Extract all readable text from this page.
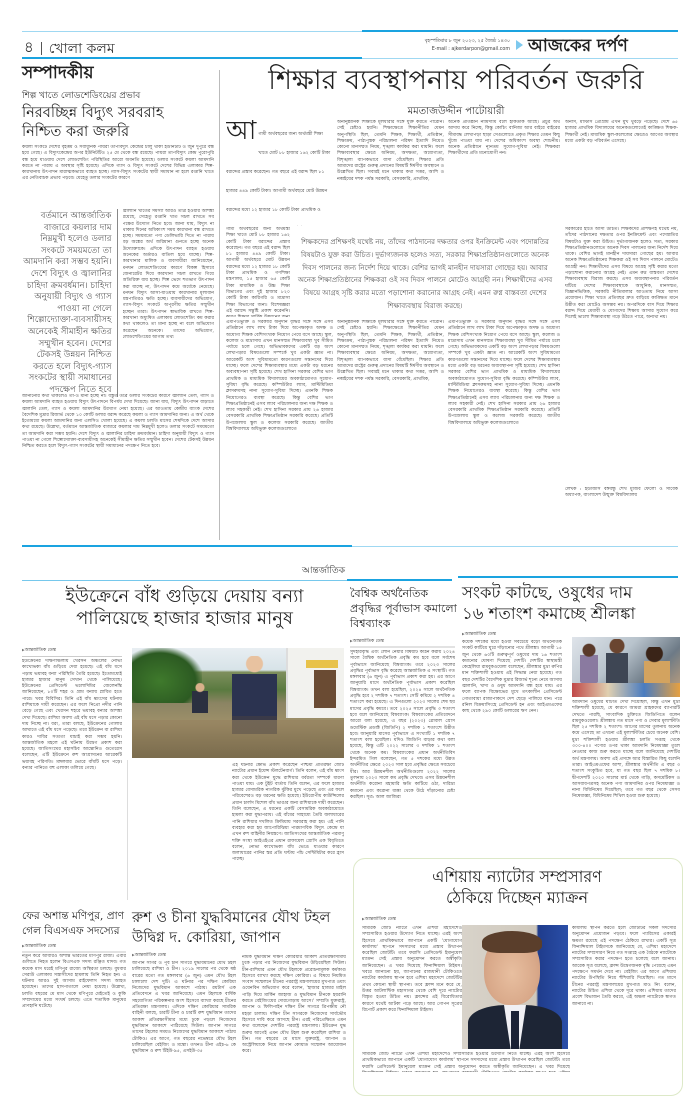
৪ খোলা কলম	বৃহস্পতিবার ৮ জুন ২০২৩, ২৫ জ্যৈষ্ঠ ১৪৩০
E-mail : ajkerdarpon@gmail.com আজকের দর্পণ
সম্পাদকীয়
শিল্প খাতে লোডশেডিংয়ের প্রভাব
নিরবচ্ছিন্ন বিদ্যুৎ সরবরাহ
নিশ্চিত করা জরুরি
কয়লা সংকটে দেশের বৃহত্তম ও সর্বাধুনিক পায়রা তাপবিদ্যুৎ কেন্দ্রের চালু থাকা ইউনিটটি ও জুন দুপুরে বন্ধ হয়ে গেছে। এ বিদ্যুৎকেন্দ্রের অপর ইউনিটটিও ২৫ মে থেকে বন্ধ রয়েছে। পায়রা তাপবিদ্যুৎ কেন্দ্র পুরোপুরি বন্ধ হয়ে যাওয়ায় দেশে লোডশেডিং পরিস্থিতির আরো অবনতি হয়েছে। ডলার সংকটে কয়লা আমদানি করতে না পারায় এ অবস্থার সৃষ্টি হয়েছে। এদিকে গ্যাস ও বিদ্যুৎ সংকটে দেশের বিভিন্ন এলাকার শিল্প-কারখানায় উৎপাদন মারাত্মকভাবে ব্যাহত হচ্ছে। গ্যাস-বিদ্যুৎ সংকটের স্থায়ী সমাধান না হলে রপ্তানি খাতে এর নেতিবাচক প্রভাব পড়বে। যেহেতু ডলার সংকটের কারণে
বর্তমানে আন্তর্জাতিক বাজারে কয়লার দাম নিম্নমুখী হলেও ডলার সংকটে সময়মতো তা আমদানি করা সম্ভব হয়নি। দেশে বিদ্যুৎ ও জ্বালানির চাহিদা ক্রমবর্ধমান। চাহিদা অনুযায়ী বিদ্যুৎ ও গ্যাস পাওয়া না গেলে শিল্পোদ্যোক্তা-ব্যবসায়ীসহ অনেকেই সীমাহীন ক্ষতির সম্মুখীন হবেন। দেশের টেকসই উন্নয়ন নিশ্চিত করতে হলে বিদ্যুৎ-গ্যাস সংকটের স্থায়ী সমাধানের পদক্ষেপ নিতে হবে
জ্বালানি খাতের সমস্যা আরও তীব্র হওয়ার আশঙ্কা রয়েছে, সেহেতু রপ্তানি খাত সচল রাখতে সব পক্ষের উদ্যোগ নিতে হবে। জানা যায়, বিদ্যুৎ না থাকায় দিনের অধিকাংশ সময় কারখানা বন্ধ রাখতে হচ্ছে। সময়মতো পণ্য ডেলিভারি দিতে না পারায় বড় অঙ্কের অর্থ জরিমানা গুনতে হচ্ছে অনেক উদ্যোক্তাকে। এদিকে উৎপাদন ব্যাহত হওয়ায় অনেকের অর্ডারও বাতিল হয়ে যাচ্ছে। শিল্প-কারখানার মালিক ও ব্যবসায়ীরা জানিয়েছেন, ঘনঘন লোডশেডিংয়ের কারণে বিকল্প হিসাবে জেনারেটর দিয়ে কারখানা সচল রাখতে গিয়ে অতিরিক্ত ব্যয় হচ্ছে। শিল্প ভেদে শতভাগ উৎপাদন করা যাচ্ছে না, উৎপাদন কমে অর্ধেকে নেমেছে। ঘনঘন বিদ্যুৎ আসা-যাওয়ায় কারখানার মূল্যবান যন্ত্রপাতিরও ক্ষতি হচ্ছে। ব্যবসায়ীদের অভিযোগ, গ্যাস-বিদ্যুৎ সংকটে অপূরণীয় ক্ষতির সম্মুখীন হচ্ছেন তারা। উৎপাদন স্বাভাবিক রাখতে শিল্প-কারখানা অধ্যুষিত এলাকায় লোডশেডিং কম করার কথা থাকলেও তা মানা হচ্ছে না বলে অভিযোগ করেছেন অনেকে। তাদের অভিযোগ, লোডশেডিংয়ের আগাম তথ্য
জানানোর কথা থাকলেও তা-ও মানা হচ্ছে না। বস্তুত তীব্র ডলার সংকটের কারণে জ্বালানি তেল, গ্যাস ও কয়লা আমদানি ব্যাহত হওয়ায় বিদ্যুৎ উৎপাদনে বিপর্যয় দেখা দিয়েছে। জানা যায়, বিদ্যুৎ উৎপাদন বাড়াতে জ্বালানি তেল, গ্যাস ও কয়লা আমদানির উদ্যোগ নেয়া হয়েছে। এর আওতায় কেন্দ্রীয় ব্যাংক দেশের বৈদেশিক মুদ্রার রিজার্ভ থেকে ১০ কোটি ডলার বরাদ্দ করেছে কয়লা ও গ্যাস আমদানির জন্য। এ অর্থ থেকে ইতোমধ্যে কয়লা আমদানির জন্য এলসিও খোলা হয়েছে। এ কয়লা চলতি মাসের শেষদিকে দেশে আসার কথা রয়েছে। উল্লেখ্য, বর্তমানে আন্তর্জাতিক বাজারে কয়লার দাম নিম্নমুখী হলেও ডলার সংকটে সময়মতো তা আমদানি করা সম্ভব হয়নি। দেশে বিদ্যুৎ ও জ্বালানির চাহিদা ক্রমবর্ধমান। চাহিদা অনুযায়ী বিদ্যুৎ ও গ্যাস পাওয়া না গেলে শিল্পোদ্যোক্তা-ব্যবসায়ীসহ অনেকেই সীমাহীন ক্ষতির সম্মুখীন হবেন। দেশের টেকসই উন্নয়ন নিশ্চিত করতে হলে বিদ্যুৎ-গ্যাস সংকটের স্থায়ী সমাধানের পদক্ষেপ নিতে হবে।
শিক্ষার ব্যবস্থাপনায় পরিবর্তন জরুরি
মমতাজউদ্দীন পাটোয়ারী
আ গামী অর্থবছরের জন্য অর্থমন্ত্রী শিক্ষা খাতে মোট ৮৮ হাজার ১৬২ কোটি টাকা বরাদ্দের প্রস্তাব করেছেন। গত বছরে এই বরাদ্দ ছিল ৮১ হাজার ৪৪৯ কোটি টাকা। আগামী অর্থবছরে মোট উন্নয়ন বরাদ্দের মধ্যে ১২ হাজার ১৮ কোটি টাকা প্রাথমিক ও
অনানুষ্ঠানিক শিক্ষাকে মূলধারার সঙ্গে যুক্ত করতে পারেনি। সেই চেষ্টাও হয়নি। শিক্ষাক্ষেত্রে শিক্ষানীতির যেমন অনুপস্থিতি ছিল, তেমনি শিক্ষক, শিক্ষার্থী, প্রতিষ্ঠান, শিক্ষাক্রম, পাঠ্যপুস্তক পরিচালনা পরিষদ ইত্যাদি নিয়েও কোনো মানসম্মত নিয়ম, শৃঙ্খলা কার্যকর করা যায়নি। ফলে শিক্ষাব্যবস্থার ক্ষেত্রে অনিয়ম, অদক্ষতা, অযোগ্যতা, বিশৃঙ্খলা ব্যাপকভাবে বাসা বেঁধেছিল। শিক্ষার প্রতি আমাদের রাষ্ট্রের গুরুত্ব প্রদানের বিষয়টি ঈর্ষণীয় অবস্থানে ও উল্লেখিত ছিল। সবারই মনে থাকার কথা সত্তর, আশি ও নব্বইয়ের দশক পর্যন্ত সরকারি, বেসরকারি, প্রাথমিক,
অনেক প্রতিষ্ঠান নামিদামি বলে হাঁকডাক আছে। প্রচুর অর্থ আদায় করে নিচ্ছে, কিন্তু কোচিং বানিজ্য আর বাইরে বাইরের সীমাবদ্ধ লেখাপড়া ছাড়া সেগুলোতে প্রকৃত শিক্ষার তেমন কিছু খুঁজে পাওয়া যায় না। দেশের অধিকাংশ অবস্থা শোচনীয়। অনেক প্রতিষ্ঠানে ন্যূনতম সুযোগ-সুবিধা নেই। শিক্ষকরা শিক্ষার্থীদের প্রতি মনোযোগী নন।
অনার্স, মাস্টার্স প্রোগ্রাম এখন মুখ থুবড়ে পড়েছে। দেশে ৬৫ হাজার প্রাথমিক বিদ্যালয়ের অনেকগুলোতেই কাঙ্ক্ষিত শিক্ষক-শিক্ষার্থী নেই। মাধ্যমিক স্কুল-কলেজের ক্ষেত্রেও আগের অবস্থার মধ্যে একটা বড় পরিবর্তন এসেছে।
শিক্ষকদের প্রশিক্ষণই যথেষ্ট নয়, তাঁদের পাঠদানের দক্ষতার ওপর ইনক্রিমেন্ট এবং পদোন্নতির বিষয়টাও যুক্ত করা উচিত। দুর্ভাগ্যজনক হলেও সত্য, সরকার শিক্ষাপ্রতিষ্ঠানগুলোতে অনেক দিবস পালনের জন্য নির্দেশ দিয়ে থাকে। বেশির ভাগই মানহীন দায়সারা গোছের হয়। আবার অনেক শিক্ষাপ্রতিষ্ঠানের শিক্ষকরা ওই সব দিবস পালনে মোটেও আগ্রহী নন। শিক্ষার্থীদের এসব বিষয়ে আগ্রহ সৃষ্টি করার মতো পড়াশোনা করানোর আগ্রহ নেই। এমন রুগ্ন বাস্তবতা দেশের শিক্ষাব্যবস্থায় বিরাজ করছে।
গামী অর্থবছরের জন্য অর্থমন্ত্রী শিক্ষা খাতে মোট ৮৮ হাজার ১৬২ কোটি টাকা বরাদ্দের প্রস্তাব করেছেন। গত বছরে এই বরাদ্দ ছিল ৮১ হাজার ৪৪৯ কোটি টাকা। আগামী অর্থবছরে মোট উন্নয়ন বরাদ্দের মধ্যে ১২ হাজার ১৮ কোটি টাকা প্রাথমিক ও গণশিক্ষা মন্ত্রণালয়, ১৫ হাজার ৬৫ কোটি টাকা মাধ্যমিক ও উচ্চ শিক্ষা বিভাগের এবং দুই হাজার ৮২০ কোটি টাকা কারিগরি ও মাদ্রাসা শিক্ষা বিভাগের জন্য। বিশেষজ্ঞরা এই বরাদ্দে সন্তুষ্টি প্রকাশ করেননি।
সরকারের হাতে আসা উচিত। শিক্ষকদের প্রশিক্ষণই যথেষ্ট নয়, তাঁদের পাঠদানের দক্ষতার ওপর ইনক্রিমেন্ট এবং পদোন্নতির বিষয়টাও যুক্ত করা উচিত। দুর্ভাগ্যজনক হলেও সত্য, সরকার শিক্ষাপ্রতিষ্ঠানগুলোতে অনেক দিবস পালনের জন্য নির্দেশ দিয়ে থাকে। বেশির ভাগই মানহীন দায়সারা গোছের হয়। আবার অনেক শিক্ষাপ্রতিষ্ঠানের শিক্ষকরা ওই সব দিবস পালনে মোটেও আগ্রহী নন। শিক্ষার্থীদের এসব বিষয়ে আগ্রহ সৃষ্টি করার মতো পড়াশোনা করানোর আগ্রহ নেই। এমন রুগ্ন বাস্তবতা দেশের শিক্ষাব্যবস্থায় বিরাজ করছে। এসব অব্যবস্থাপনার পরিবর্তন ঘটিয়ে দেশের শিক্ষাব্যবস্থাকে আধুনিক, মানসম্মত, বিজ্ঞানভিত্তিক, সরকারি নীতিমালার আওতায় নিয়ে আসা প্রয়োজন। শিক্ষা খাতে প্রতিবছর দ্রুত বাড়িয়ে কাঙ্ক্ষিত মানে উন্নীত করা মোটেও অসম্ভব নয়। অপরদিকে বাস দিয়ে শিক্ষার বরাদ্দ দিয়ে মেধাবী ও যোগ্যদের শিক্ষায় আসার সুযোগ করে দিলেই ভালো শিক্ষাব্যবস্থা গড়ে উঠতে পারে, অন্যথা নয়।
এমপিওভুক্তি ও সরকারি অনুদান বৃদ্ধির সঙ্গে সঙ্গে এসব প্রতিষ্ঠানে লাখ লাখ টাকা দিয়ে অপেক্ষাকৃত অদক্ষ ও অযোগ্য শিক্ষক বেশিসংখ্যক নিয়োগ পেয়ে বসে আছে। স্কুল, কলেজ ও মাদ্রাসায় এখন মানসম্মত শিক্ষাব্যবস্থা খুব সীমিত পর্যায়ে চলে গেছে। অভিভাবকদের একটি বড় অংশ লেখাপড়ার বিষয়গুলো সম্পর্কে খুব একটা জ্ঞাত না। আরেকটি অংশ সুবিধামতো কারণগুলো সন্তানদের দিয়ে যাচ্ছে। ফলে দেশের শিক্ষাব্যবস্থার মধ্যে একটা বড় ধরনের অব্যবস্থাপনা সৃষ্টি হয়েছে। শেখ হাসিনা সরকার বেশির ভাগ প্রাথমিক ও মাধ্যমিক বিদ্যালয়ের অবকাঠামোগত সুযোগ-সুবিধা বৃদ্ধি করেছে। কম্পিউটার ল্যাব, মাল্টিমিডিয়া ক্লাসরুমসহ নানা সুযোগ-সুবিধা দিচ্ছে। এমনকি শিক্ষক নিয়োগেরও ব্যবস্থা করেছে। কিন্তু বেশির ভাগ শিক্ষাপ্রতিষ্ঠানেই এসব ল্যাব পরিচালনার জন্য দক্ষ শিক্ষক ও ল্যাব সহকারী নেই। শেখ হাসিনা সরকার প্রায় ২৬ হাজার বেসরকারি প্রাথমিক শিক্ষাপ্রতিষ্ঠান সরকারি করেছে। প্রতিটি উপজেলায় স্কুল ও কলেজ সরকারি করেছে। জাতীয় বিশ্ববিদ্যালয়ে অধিভুক্ত কলেজগুলোতে
অনানুষ্ঠানিক শিক্ষাকে মূলধারার সঙ্গে যুক্ত করতে পারেনি। সেই চেষ্টাও হয়নি। শিক্ষাক্ষেত্রে শিক্ষানীতির যেমন অনুপস্থিতি ছিল, তেমনি শিক্ষক, শিক্ষার্থী, প্রতিষ্ঠান, শিক্ষাক্রম, পাঠ্যপুস্তক পরিচালনা পরিষদ ইত্যাদি নিয়েও কোনো মানসম্মত নিয়ম, শৃঙ্খলা কার্যকর করা যায়নি। ফলে শিক্ষাব্যবস্থার ক্ষেত্রে অনিয়ম, অদক্ষতা, অযোগ্যতা, বিশৃঙ্খলা ব্যাপকভাবে বাসা বেঁধেছিল। শিক্ষার প্রতি আমাদের রাষ্ট্রের গুরুত্ব প্রদানের বিষয়টি ঈর্ষণীয় অবস্থানে ও উল্লেখিত ছিল। সবারই মনে থাকার কথা সত্তর, আশি ও নব্বইয়ের দশক পর্যন্ত সরকারি, বেসরকারি, প্রাথমিক,
এমপিওভুক্তি ও সরকারি অনুদান বৃদ্ধির সঙ্গে সঙ্গে এসব প্রতিষ্ঠানে লাখ লাখ টাকা দিয়ে অপেক্ষাকৃত অদক্ষ ও অযোগ্য শিক্ষক বেশিসংখ্যক নিয়োগ পেয়ে বসে আছে। স্কুল, কলেজ ও মাদ্রাসায় এখন মানসম্মত শিক্ষাব্যবস্থা খুব সীমিত পর্যায়ে চলে গেছে। অভিভাবকদের একটি বড় অংশ লেখাপড়ার বিষয়গুলো সম্পর্কে খুব একটা জ্ঞাত না। আরেকটি অংশ সুবিধামতো কারণগুলো সন্তানদের দিয়ে যাচ্ছে। ফলে দেশের শিক্ষাব্যবস্থার মধ্যে একটা বড় ধরনের অব্যবস্থাপনা সৃষ্টি হয়েছে। শেখ হাসিনা সরকার বেশির ভাগ প্রাথমিক ও মাধ্যমিক বিদ্যালয়ের অবকাঠামোগত সুযোগ-সুবিধা বৃদ্ধি করেছে। কম্পিউটার ল্যাব, মাল্টিমিডিয়া ক্লাসরুমসহ নানা সুযোগ-সুবিধা দিচ্ছে। এমনকি শিক্ষক নিয়োগেরও ব্যবস্থা করেছে। কিন্তু বেশির ভাগ শিক্ষাপ্রতিষ্ঠানেই এসব ল্যাব পরিচালনার জন্য দক্ষ শিক্ষক ও ল্যাব সহকারী নেই। শেখ হাসিনা সরকার প্রায় ২৬ হাজার বেসরকারি প্রাথমিক শিক্ষাপ্রতিষ্ঠান সরকারি করেছে। প্রতিটি উপজেলায় স্কুল ও কলেজ সরকারি করেছে। জাতীয় বিশ্ববিদ্যালয়ে অধিভুক্ত কলেজগুলোতে
লেখক : ইউজিসি বঙ্গবন্ধু শেখ মুজিব ফেলো ও সাবেক অধ্যাপক, বাংলাদেশ উন্মুক্ত বিশ্ববিদ্যালয়
আন্তর্জাতিক
ইউক্রেনে বাঁধ গুড়িয়ে দেয়ায় বন্যা
পালিয়েছে হাজার হাজার মানুষ
▶ আন্তর্জাতিক ডেস্ক
ইউক্রেনের দক্ষিণাঞ্চলীয় খেরসন অঞ্চলের নোভা কাখোভকা বাঁধ গুড়িয়ে দেয়া হয়েছে। এই বাঁধ ধসে পড়ায় ভয়াবহ বন্যা পরিস্থিতি তৈরি হয়েছে। ইতোমধ্যেই হাজার হাজার মানুষ সেখান থেকে পালিয়েছে। ইউক্রেনের প্রেসিডেন্ট ভলোদিমির জেলেনস্কি জানিয়েছেন, ৮০টি শহর ও গ্রাম বন্যায় প্লাবিত হতে পারে। খবর বিবিসির। তিনি এই বাঁধ ধ্বংসের ঘটনায় রাশিয়াকে দায়ী করেছেন। এর ফলে নিপ্রো নদীর পানি বেড়ে গেছে এবং খেরসন শহরে ভয়াবহ বন্যার আশঙ্কা দেখা দিয়েছে। রাশিয়া অবশ্য এই বাঁধ ধসে পড়ার কোনো দায় নিচ্ছে না। বরং, তারা বলছে, ইউক্রেনের গোলার আঘাতে এই বাঁধ ধসে পড়েছে। তবে ইউক্রেন বা রাশিয়া কারও দাবির সত্যতা যাচাই করা সম্ভব হয়নি। আন্তর্জাতিক মহলে এই ঘটনায় উদ্বেগ প্রকাশ করা হয়েছে। জাতিসংঘের মহাসচিব আন্তোনিও গুতেরেস বলেছেন, এটি ইউক্রেনে রুশ আগ্রাসনের আরেকটি ভয়াবহ পরিণতি। মঙ্গলবার ভোরে বাঁধটি ধসে পড়ে। বন্যার পানিতে বহু এলাকা তলিয়ে গেছে।
এই ঘটনার ক্ষোভ প্রকাশ করেছেন পশ্চিমা প্রতিরক্ষা জোট ন্যাটোর প্রধান ইয়েন্স স্টলটেনবার্গ। তিনি বলেন, এই বাঁধ ধ্বংস করা থেকে ইউক্রেন যুদ্ধে রাশিয়ার বর্বরতা সম্পর্কে ধারণা পাওয়া যায়। এক টুইট বার্তায় তিনি বলেন, এর ফলে হাজার হাজার বেসামরিক নাগরিক ঝুঁকির মুখে পড়েছে এবং এর ফলে পরিবেশেরও বড় ধরনের ক্ষতি হয়েছে। ইউরোপীয় কাউন্সিলের প্রধান চার্লস মিশেল বাঁধ ভাঙার জন্য রাশিয়াকে দায়ী করেছেন। তিনি বলেছেন, এ ধরনের একটি বেসামরিক অবকাঠামোতে হামলা করা যুদ্ধাপরাধ। এই বাঁধের সাহায্যে তৈরি জলাধারের পানি রাশিয়ার দখলিত ক্রিমিয়ায় সরবরাহ করা হয়। এই পানি ব্যবহার করা হয় জাপোরিঝিয়া পারমাণবিক বিদ্যুৎ কেন্দ্রে যা এখন রুশ বাহিনীর নিয়ন্ত্রণে। জাতিসংঘের আন্তর্জাতিক পরমাণু শক্তি সংস্থা আইএইএর প্রধান রাফায়েল গ্রোসি এক বিবৃতিতে বলেন, নোভা কাখোভকা বাঁধ ভেঙে যাওয়ার কারণে জলাধারের পানির স্তর প্রতি ঘণ্টায় পাঁচ সেন্টিমিটার করে হ্রাস পাচ্ছে।
বৈশ্বিক অর্থনৈতিক প্রবৃদ্ধির পূর্বাভাস কমালো বিশ্বব্যাংক
▶ আন্তর্জাতিক ডেস্ক
সুদহারবৃদ্ধি এবং লোন নেয়ার বিষয়টি কঠিন করায় ২০২৪ সালে বৈশ্বিক অর্থনৈতিক প্রবৃদ্ধি কম হবে বলে সর্বশেষ পূর্বাভাসে জানিয়েছে বিশ্বব্যাংক। তবে ২০২৩ সালের প্রবৃদ্ধির পূর্বাভাস বৃদ্ধি করেছে আন্তর্জাতিক এ সংস্থাটি। গত মঙ্গলবার (৬ জুন) এ পূর্বাভাস প্রকাশ করা হয়। এর আগে জানুয়ারি মাসে অর্থনৈতিক পূর্বাভাস প্রকাশ করেছিল বিশ্বব্যাংক। তখন বলা হয়েছিল, ২০২৪ সালে অর্থনৈতিক প্রবৃদ্ধি হবে ২ দশমিক ৭ শতাংশ। সেটি কমিয়ে ২ দশমিক ৪ শতাংশে করা হয়েছে। এ দিনগুলো ২০২৩ সালের শেষ ছয় মাসের প্রবৃদ্ধি কমবে। তবে ২০২৫ সালে প্রবৃদ্ধি ৩ শতাংশ হবে বলে জানিয়েছে বিশ্বব্যাংক। বিশ্বব্যাংকের প্রতিবেদনে আরো বলা হয়েছে, এ বছর (২০২৩) গ্লোবাল গ্রোস ডমেস্টিক প্রডাক্ট (জিডিপি) ২ দশমিক ১ শতাংশে উন্নীত হবে। জানুয়ারি মাসের পূর্বাভাসে এ সংখ্যাটি ১ দশমিক ৭ শতাংশ বলা হয়েছিল। যদিও জিডিপি বাড়ার কথা বলা হয়েছে, কিন্তু এটি ২০২২ সালের ৩ দশমিক ১ শতাংশ থেকে অনেক কম। বিশ্বব্যাংকের প্রধান অর্থনীতিবিদ ইন্দরমিত গিল বলেছেন, গত ৫ দশকের মধ্যে উন্নত অর্থনীতির ক্ষেত্রে ২০২৩ সাল হবে প্রবৃদ্ধির ক্ষেত্রে সবচেয়ে ধীর। আর উন্নয়নশীল অর্থনীতিগুলো ২০২২ সালের তুলনায় ২০২৩ সালে কম প্রবৃদ্ধি দেখবে। এসব উন্নয়নশীল অর্থনীতি করোনা মহামারি ক্ষতি কাটিয়ে ওঠা, দারিদ্র্য কমানো এবং করোনা ধাক্কা থেকে উঠে দাঁড়ানোর চেষ্টা করছিল। সূত্র: আল জাজিরা
সংকট কাটছে, ওষুধের দাম
১৬ শতাংশ কমাচ্ছে শ্রীলঙ্কা
▶ আন্তর্জাতিক ডেস্ক
কয়েক দশকের মধ্যে হওয়া সবচেয়ে বড়ো অর্থনৈতিক সংকট কাটিয়ে ঘুরে দাঁড়ানোর পথে শ্রীলঙ্কা। আগামী ১৫ জুন থেকে ৬০টি গুরুত্বপূর্ণ ওষুধের দাম ১৬ শতাংশ কমানোর ঘোষণা দিয়েছে দেশটি। দেশটির স্বাস্থ্যমন্ত্রী কেহেলিয়া রামবুকওয়েলা বলেছেন, শ্রীলঙ্কার মুদ্রা রুপির মান শক্তিশালী হওয়ায় এই সিদ্ধান্ত নেয়া হয়েছে। গত বছর দেশটির বৈদেশিক মুদ্রার রিজার্ভ শূন্যে নেমে আসায় জ্বালানি, খাদ্য ও ওষুধ আমদানি বন্ধ হয়ে যায়। এর ফলে ব্যাপক বিক্ষোভের মুখে তৎকালীন প্রেসিডেন্ট গোতাবায়া রাজাপাকসে দেশ ছেড়ে পালিয়ে যান। পরে রনিল বিক্রমাসিংহে প্রেসিডেন্ট হন এবং আইএমএফের কাছ থেকে ২৯০ কোটি ডলারের ঋণ নেন।
আমদানি ওষুধের ঘাটতি দেখা দিয়েছিল, কিন্তু এখন মুদ্রা শক্তিশালী হয়েছে, যে কারণে আমরা গ্রাহকদের ব্যাপারটি দেখতে পারছি, সাংবাদিক চুক্তিতে জিডিপিতে বলেন রামবুকওয়েলা। শ্রীলঙ্কায় গত মাসে পণ্য ও সেবার মূল্যস্ফীতি ছিল ২৫ দশমিক ২ শতাংশ। আগের মাসের তুলনায় অনেক কমে এসেছে তা এখনো এই মূল্যস্ফীতির চেয়ে অনেক বেশি। মুদ্রা শক্তিশালী হওয়ায় শ্রীলঙ্কা চলতি সপ্তাহ থেকে ৩০০-৪০০ পণ্যের ওপর থাকা আমদানি নিষেধাজ্ঞা তুলে নেওয়ার কাজ শুরু করতে যাচ্ছে বলে জানিয়েছে দেশটির অর্থ মন্ত্রণালয়। অবশ্য এই প্রসঙ্গে আর বিস্তারিত কিছু বলেনি তারা। আইএমএফের আশা, শ্রীলঙ্কার অর্থনীতি এ বছর ৩ শতাংশ সংকুচিত হবে, যা গত বছর ছিল ৭ দশমিক ৮। দ্বীপদেশটি ২০২০ সালের মার্চ থেকে গাড়ি, কসমেটিকস ও আসবাবপত্রসহ অনেক পণ্য আমদানির ওপর নিষেধাজ্ঞা ও নানা বিধিনিষেধ দিয়েছিল; তবে গত বছর থেকে সেসব নিষেধাজ্ঞা, বিধিনিষেধ শিথিল হওয়া শুরু হয়েছে।
ফের অশান্ত মণিপুর, প্রাণ গেল বিএসএফ সদস্যের
▶ আন্তর্জাতিক ডেস্ক
নতুন করে আবারও অশান্ত ভারতের মণিপুর রাজ্য। এবার গুলিতে নিহত হলেন বিএসএফ সদস্য রঞ্জিত যাদব। গত কয়েক মাস ধরেই মণিপুর রাজ্যে অস্থিরতা চলছে। বুধবার সেরাউ এলাকায় সন্ত্রাসীদের হামলায় তিনি নিহত হন। এ ঘটনায় আরও দুই আসাম রাইফেলস সদস্য আহত হয়েছেন। তাদের হাসপাতালে নেয়া হয়েছে। উল্লেখ্য, চলতি বছরের মে মাস থেকে মণিপুরে মেইতেই ও কুকি সম্প্রদায়ের মধ্যে সংঘর্ষ চলছে। এতে শতাধিক মানুষের প্রাণহানি ঘটেছে।
রুশ ও চীনা যুদ্ধবিমানের যৌথ টহল
উদ্বিগ্ন দ. কোরিয়া, জাপান
▶ আন্তর্জাতিক ডেস্ক
জাপান সাগর ও পূর্ব চীন সাগরে যুদ্ধবিমানের যৌথ টহল চালিয়েছে রাশিয়া ও চীন। ২০১৯ সালের পর থেকে ষষ্ঠ বারের মতো গত মঙ্গলবার (৬ জুন) এমন যৌথ টহল চালালো দেশ দুটি। এ ঘটনার পর দক্ষিণ কোরিয়া নিজেদের যুদ্ধবিমান আকাশে পাঠায়। রয়টার্স এক প্রতিবেদনে এ খবর জানিয়েছে। এমন টহলকে বার্ষিক সহযোগিতা পরিকল্পনার অংশ হিসেবে ব্যাখ্যা করছে চীনের প্রতিরক্ষা মন্ত্রণালয়। এদিকে দক্ষিণ কোরিয়ার সামরিক বাহিনী বলছে, চারটি চীনা ও চারটি রুশ যুদ্ধবিমান তাদের আকাশ প্রতিরক্ষাসীমার মধ্যে ঢুকে পড়লে নিজেদের যুদ্ধবিমান আকাশে পাঠিয়েছে সিউল। জাপান সাগরে তাদের টহলের সময়ও নিজেদের যুদ্ধবিমান আকাশে পাঠায় টোকিও। এর আগে, গত বছরের নভেম্বরে যৌথ টহল চালিয়েছিল বেইজিং ও মস্কো। তখনও চীনা এইচ-৬ কে যুদ্ধবিমান ও রুশ টিইউ-৯৫, এসইউ-৩৫
নামক যুদ্ধবিমান দক্ষিণ কোরিয়ার আকাশ প্রতিরক্ষাসীমায় ঢুকে পড়ার পর নিজেদের যুদ্ধবিমান উড়িয়েছিল সিউল। চীন-রাশিয়ার এমন যৌথ টহলকে প্ররোচনামূলক কর্মকাণ্ড হিসেবে ব্যাখ্যা করছে দক্ষিণ কোরিয়া। এ বিষয়ে নিয়মিত সংবাদ সম্মেলনে চীনের পররাষ্ট্র মন্ত্রণালয়ের মুখপাত্র ওয়াং ওয়েনবিন অভিযোগ করে বলেন, 'হাজার হাজার মাইল পাড়ি দিয়ে মার্কিন জাহাজ ও যুদ্ধবিমান চীনকে হয়রানি করতে বেইজিংয়ের দোরগোড়ায় আসে।' সম্প্রতি যুক্তরাষ্ট্র, জাপান ও ফিলিপাইন দক্ষিণ চীন সাগরে ত্রিপক্ষীয় নৌ মহড়া চালায়। দক্ষিণ চীন সাগরকে নিজেদের সার্বভৌম হিসেবে দাবি করে আসছে চীন। এরই পরিপ্রেক্ষিতে এমন কথা বলেছেন দেশটির পররাষ্ট্র মন্ত্রণালয়। ইউক্রেন যুদ্ধ শুরুর আগেই এমন যৌথ টহল শুরু করেছিল রাশিয়া ও চীন। গত বছরের মে মাসে যুক্তরাষ্ট্র, জাপান ও অস্ট্রেলিয়াকে নিয়ে জাপান কোয়াড সম্মেলন আয়োজন করে।
এশিয়ায় ন্যাটোর সম্প্রসারণ
ঠেকিয়ে দিচ্ছেন ম্যাক্রন
▶ আন্তর্জাতিক ডেস্ক
সামরিক জোট ন্যাটো এখন এশিয়া মহাদেশেও সম্প্রসারিত হওয়ার উদ্যোগ নিতে যাচ্ছে। এরই অংশ হিসেবে প্রাথমিকভাবে জাপানে একটি 'যোগাযোগ কার্যালয়' স্থাপনে সদস্যদের মধ্যে প্রস্তাব উত্থাপন করেছিল জোটটি। তবে ফরাসি প্রেসিডেন্ট ইমানুয়েল ম্যাক্রন সেই প্রস্তাব অনুমোদন করতে অস্বীকৃতি জানিয়েছেন। এ খবর দিয়েছে ফিনান্সিয়াল টাইমস। খবরে জানানো হয়, জাপানের রাজধানী টোকিওতে ন্যাটোর কার্যালয় স্থাপন হবে এশিয়া মহাদেশে জোটটির প্রথম কোনো স্থায়ী স্থাপনা। তবে ফ্রান্স মনে করে যে, উত্তর আটলান্টিক মহাসাগর থেকে বেশি দূরে ন্যাটোর বিস্তৃত হওয়া উচিত নয়। ফ্রান্সের এই বিরোধিতার কারণে যথেষ্ট আটকা পড়ে আছে। আর গোপন সূত্রের রিপোর্ট প্রকাশ করে ফিনান্সিয়াল টাইমস।
কার্যালয় স্থাপন করতে হলে জোটটির সকল সদস্যের অনুমোদন প্রয়োজন পড়বে। ফলে প্যারিসের একারই ক্ষমতা রয়েছে এই পদক্ষেপ ঠেকিয়ে রাখার। একটি সূত্র ফিনান্সিয়াল টাইমসকে জানিয়েছে যে, এশিয়া মহাদেশে ন্যাটোর সম্প্রসারণ নিয়ে গত সপ্তাহে এক বৈঠকে ন্যাটোকে সম্প্রসারিত করার পদক্ষেপ হতে চলেছে বলে জানায়। আরেক সূত্র বলেছে, ফ্রান্স উদ্বেগজনক বৃদ্ধি পেয়েছে এমন পদক্ষেপে সমর্থন দেবে না। বেইজিং এর আগে এশিয়ায় ন্যাটোর উপস্থিতি নিয়ে হুঁশিয়ারি দিয়েছিল। গত মাসে চীনের পররাষ্ট্র মন্ত্রণালয়ের মুখপাত্র মাও নিং বলেন, ন্যাটোর উচিত এশিয়া থেকে দূরে থাকা। এশিয়ায় তাদের প্রবেশ বিভাজন তৈরি করবে, এই অঞ্চল ন্যাটোকে স্বাগত জানাবে না।
সামরিক জোট ন্যাটো এখন এশিয়া মহাদেশেও সম্প্রসারিত হওয়ার উদ্যোগ নিতে যাচ্ছে। এরই অংশ হিসেবে প্রাথমিকভাবে জাপানে একটি 'যোগাযোগ কার্যালয়' স্থাপনে সদস্যদের মধ্যে প্রস্তাব উত্থাপন করেছিল জোটটি। তবে ফরাসি প্রেসিডেন্ট ইমানুয়েল ম্যাক্রন সেই প্রস্তাব অনুমোদন করতে অস্বীকৃতি জানিয়েছেন। এ খবর দিয়েছে
